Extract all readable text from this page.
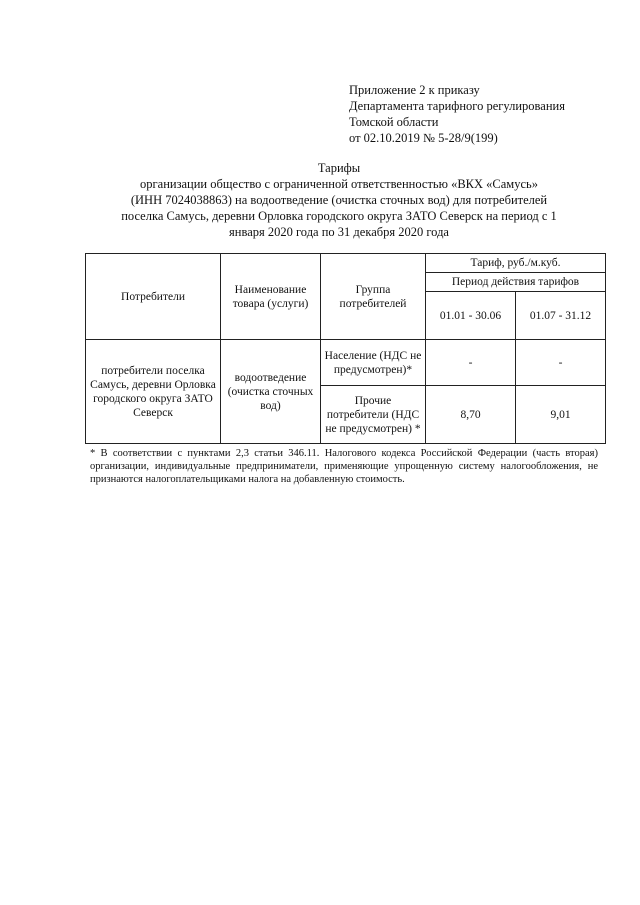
Приложение 2 к приказу
Департамента тарифного регулирования
Томской области
от 02.10.2019 № 5-28/9(199)
Тарифы
организации общество с ограниченной ответственностью «ВКХ «Самусь»
(ИНН 7024038863) на водоотведение (очистка сточных вод) для потребителей
поселка Самусь, деревни Орловка городского округа ЗАТО Северск на период с 1
января 2020 года по 31 декабря 2020 года
Потребители	Наименование товара (услуги)	Группа потребителей	Тариф, руб./м.куб.	
			Период действия тарифов	
			01.01 - 30.06	01.07 - 31.12
потребители поселка Самусь, деревни Орловка городского округа ЗАТО Северск	водоотведение (очистка сточных вод)	Население (НДС не предусмотрен)*	-	-
		Прочие потребители (НДС не предусмотрен) *	8,70	9,01
* В соответствии с пунктами 2,3 статьи 346.11. Налогового кодекса Российской Федерации (часть вторая) организации, индивидуальные предприниматели, применяющие упрощенную систему налогообложения, не признаются налогоплательщиками налога на добавленную стоимость.
